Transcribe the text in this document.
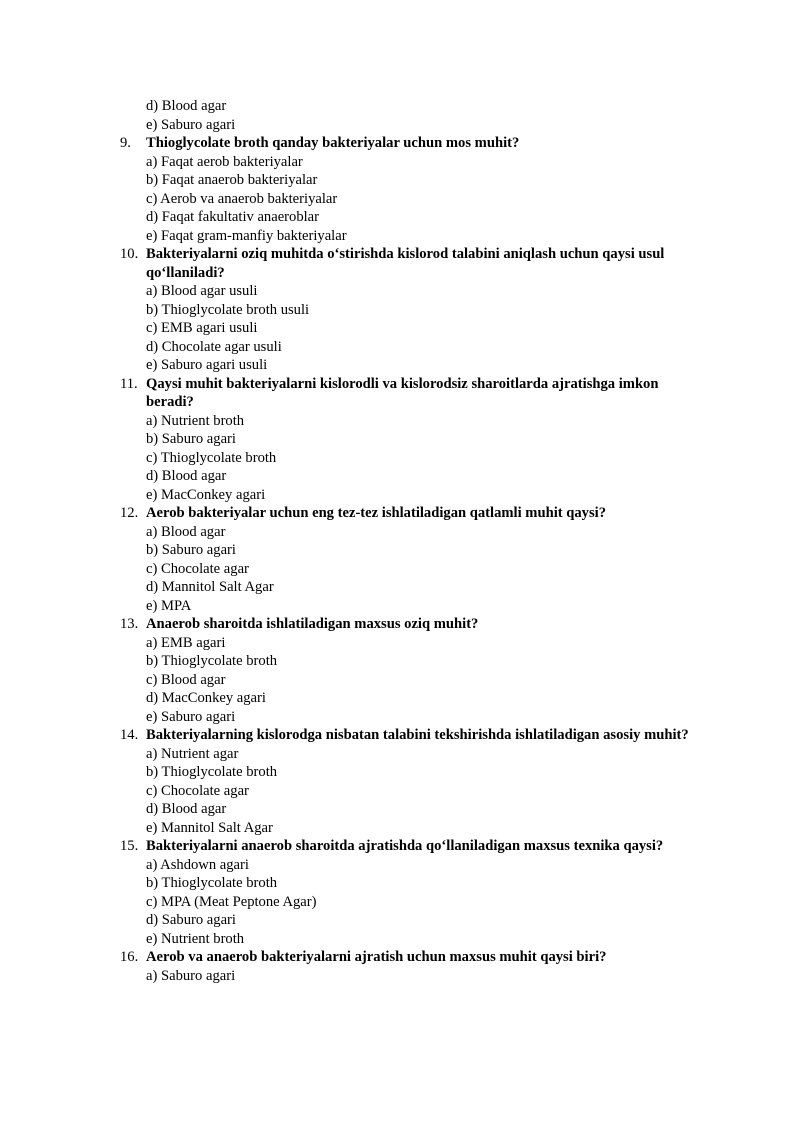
d) Blood agar
e) Saburo agari
9. Thioglycolate broth qanday bakteriyalar uchun mos muhit?
a) Faqat aerob bakteriyalar
b) Faqat anaerob bakteriyalar
c) Aerob va anaerob bakteriyalar
d) Faqat fakultativ anaeroblar
e) Faqat gram-manfiy bakteriyalar
10. Bakteriyalarni oziq muhitda o‘stirishda kislorod talabini aniqlash uchun qaysi usul qo‘llaniladi?
a) Blood agar usuli
b) Thioglycolate broth usuli
c) EMB agari usuli
d) Chocolate agar usuli
e) Saburo agari usuli
11. Qaysi muhit bakteriyalarni kislorodli va kislorodsiz sharoitlarda ajratishga imkon beradi?
a) Nutrient broth
b) Saburo agari
c) Thioglycolate broth
d) Blood agar
e) MacConkey agari
12. Aerob bakteriyalar uchun eng tez-tez ishlatiladigan qatlamli muhit qaysi?
a) Blood agar
b) Saburo agari
c) Chocolate agar
d) Mannitol Salt Agar
e) MPA
13. Anaerob sharoitda ishlatiladigan maxsus oziq muhit?
a) EMB agari
b) Thioglycolate broth
c) Blood agar
d) MacConkey agari
e) Saburo agari
14. Bakteriyalarning kislorodga nisbatan talabini tekshirishda ishlatiladigan asosiy muhit?
a) Nutrient agar
b) Thioglycolate broth
c) Chocolate agar
d) Blood agar
e) Mannitol Salt Agar
15. Bakteriyalarni anaerob sharoitda ajratishda qo‘llaniladigan maxsus texnika qaysi?
a) Ashdown agari
b) Thioglycolate broth
c) MPA (Meat Peptone Agar)
d) Saburo agari
e) Nutrient broth
16. Aerob va anaerob bakteriyalarni ajratish uchun maxsus muhit qaysi biri?
a) Saburo agari
